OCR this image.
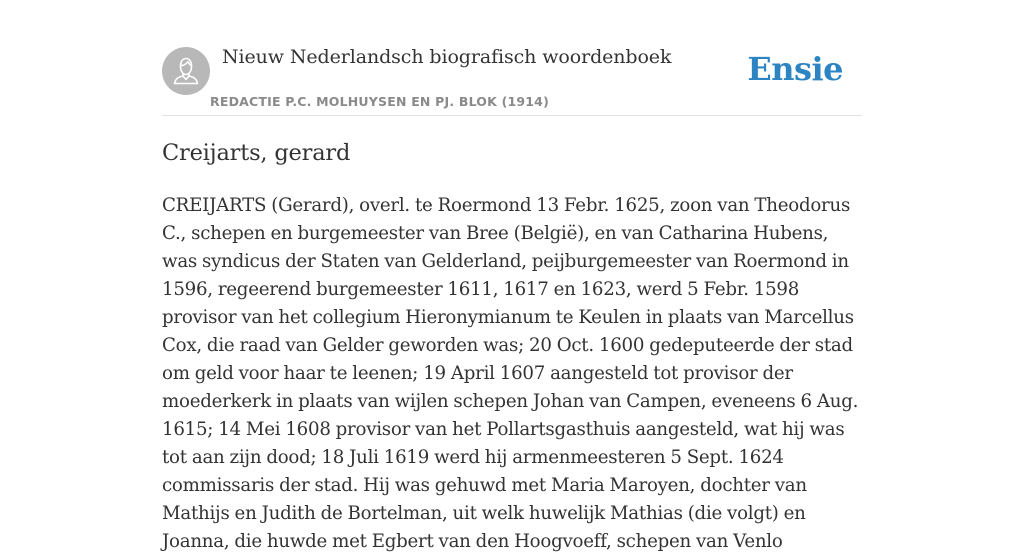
Nieuw Nederlandsch biografisch woordenboek
REDACTIE P.C. MOLHUYSEN EN PJ. BLOK (1914)
Ensie
Creijarts, gerard

CREIJARTS (Gerard), overl. te Roermond 13 Febr. 1625, zoon van Theodorus C., schepen en burgemeester van Bree (België), en van Catharina Hubens, was syndicus der Staten van Gelderland, peijburgemeester van Roermond in 1596, regeerend burgemeester 1611, 1617 en 1623, werd 5 Febr. 1598 provisor van het collegium Hieronymianum te Keulen in plaats van Marcellus Cox, die raad van Gelder geworden was; 20 Oct. 1600 gedeputeerde der stad om geld voor haar te leenen; 19 April 1607 aangesteld tot provisor der moederkerk in plaats van wijlen schepen Johan van Campen, eveneens 6 Aug. 1615; 14 Mei 1608 provisor van het Pollartsgasthuis aangesteld, wat hij was tot aan zijn dood; 18 Juli 1619 werd hij armenmeesteren 5 Sept. 1624 commissaris der stad. Hij was gehuwd met Maria Maroyen, dochter van Mathijs en Judith de Bortelman, uit welk huwelijk Mathias (die volgt) en Joanna, die huwde met Egbert van den Hoogvoeff, schepen van Venlo
